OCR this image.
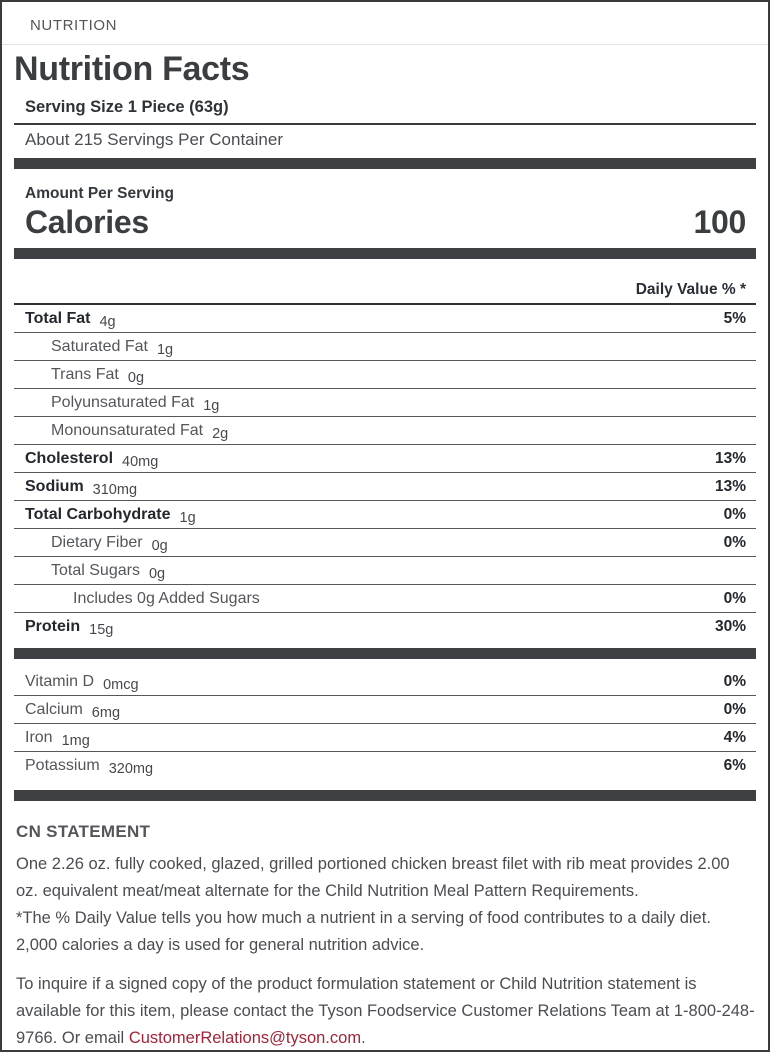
NUTRITION
Nutrition Facts
Serving Size 1 Piece (63g)
About 215 Servings Per Container
Amount Per Serving
Calories	100
Daily Value % *
Total Fat 4g	5%
Saturated Fat 1g
Trans Fat 0g
Polyunsaturated Fat 1g
Monounsaturated Fat 2g
Cholesterol 40mg	13%
Sodium 310mg	13%
Total Carbohydrate 1g	0%
Dietary Fiber 0g	0%
Total Sugars 0g
Includes 0g Added Sugars	0%
Protein 15g	30%
Vitamin D 0mcg	0%
Calcium 6mg	0%
Iron 1mg	4%
Potassium 320mg	6%
CN STATEMENT

One 2.26 oz. fully cooked, glazed, grilled portioned chicken breast filet with rib meat provides 2.00 oz. equivalent meat/meat alternate for the Child Nutrition Meal Pattern Requirements.

*The % Daily Value tells you how much a nutrient in a serving of food contributes to a daily diet. 2,000 calories a day is used for general nutrition advice.

To inquire if a signed copy of the product formulation statement or Child Nutrition statement is available for this item, please contact the Tyson Foodservice Customer Relations Team at 1-800-248-9766. Or email CustomerRelations@tyson.com.
